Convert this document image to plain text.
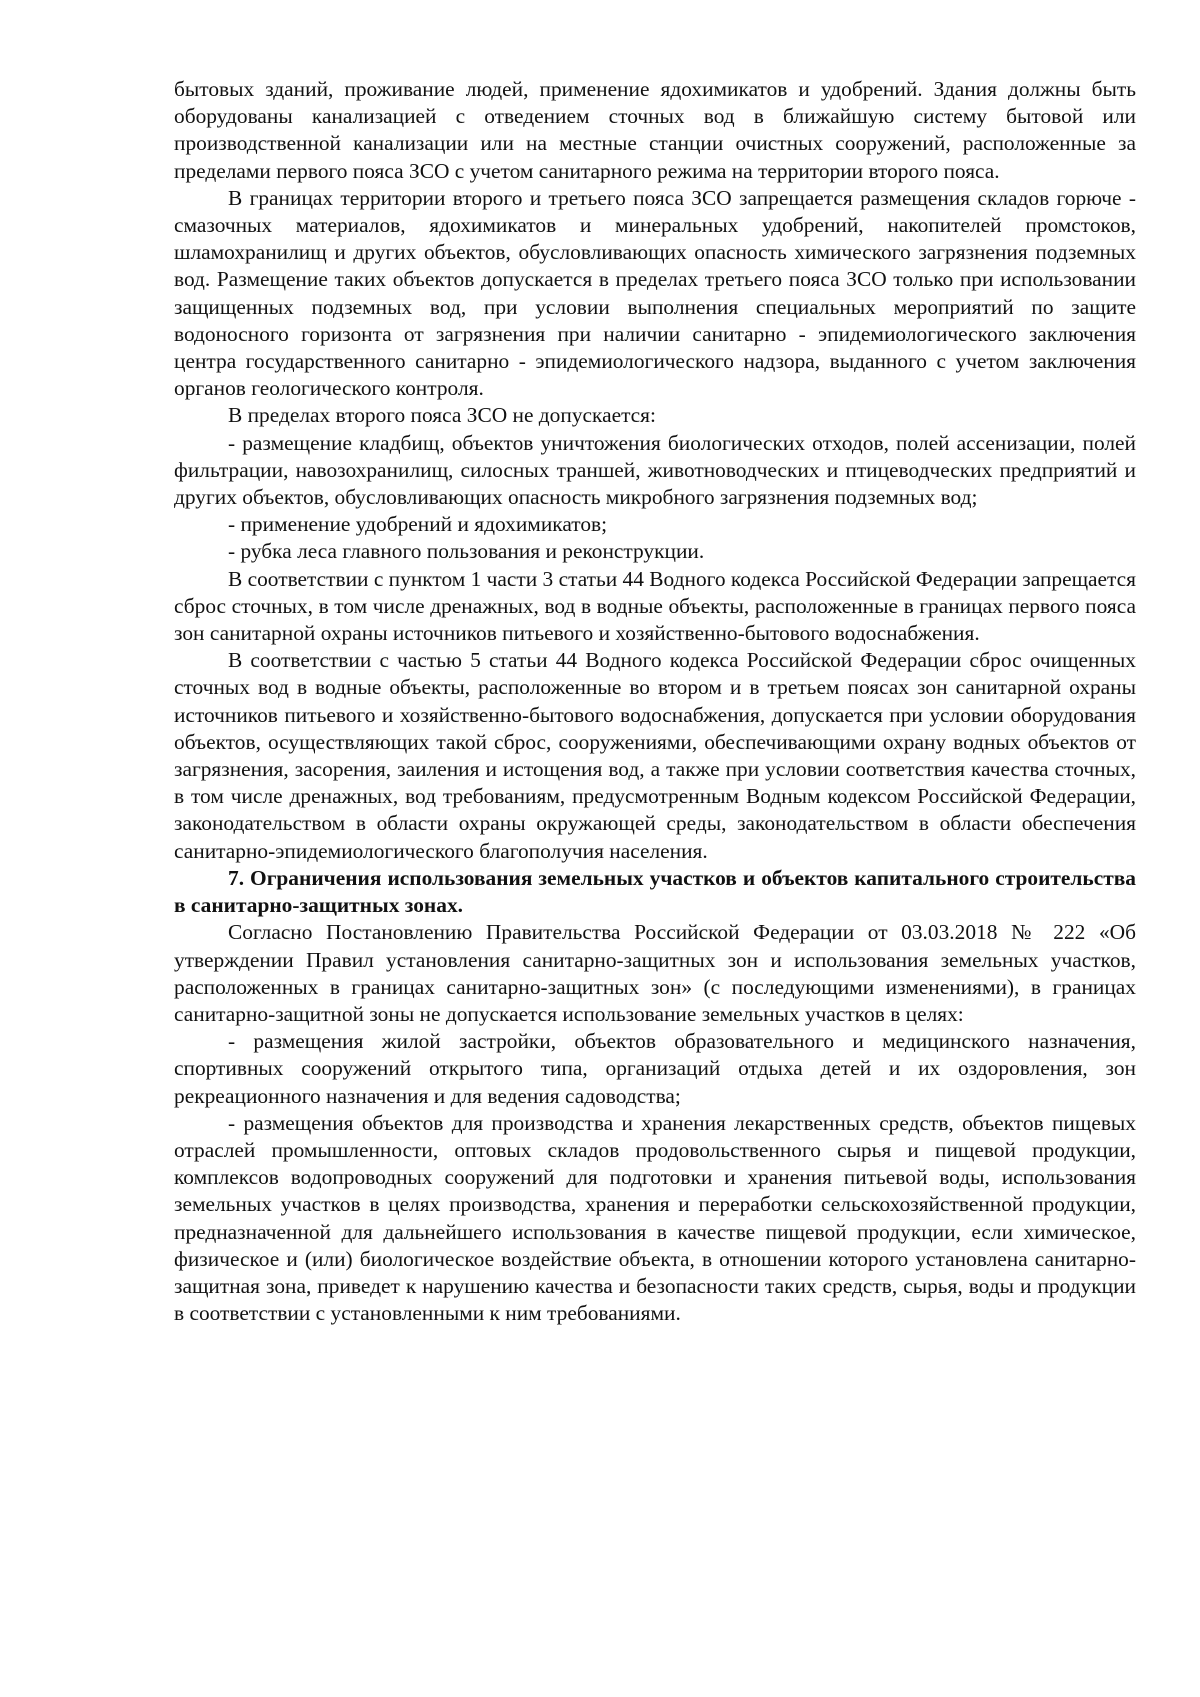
бытовых зданий, проживание людей, применение ядохимикатов и удобрений. Здания должны быть оборудованы канализацией с отведением сточных вод в ближайшую систему бытовой или производственной канализации или на местные станции очистных сооружений, расположенные за пределами первого пояса ЗСО с учетом санитарного режима на территории второго пояса.

В границах территории второго и третьего пояса ЗСО запрещается размещения складов горюче - смазочных материалов, ядохимикатов и минеральных удобрений, накопителей промстоков, шламохранилищ и других объектов, обусловливающих опасность химического загрязнения подземных вод. Размещение таких объектов допускается в пределах третьего пояса ЗСО только при использовании защищенных подземных вод, при условии выполнения специальных мероприятий по защите водоносного горизонта от загрязнения при наличии санитарно - эпидемиологического заключения центра государственного санитарно - эпидемиологического надзора, выданного с учетом заключения органов геологического контроля.

В пределах второго пояса ЗСО не допускается:

- размещение кладбищ, объектов уничтожения биологических отходов, полей ассенизации, полей фильтрации, навозохранилищ, силосных траншей, животноводческих и птицеводческих предприятий и других объектов, обусловливающих опасность микробного загрязнения подземных вод;

- применение удобрений и ядохимикатов;

- рубка леса главного пользования и реконструкции.

В соответствии с пунктом 1 части 3 статьи 44 Водного кодекса Российской Федерации запрещается сброс сточных, в том числе дренажных, вод в водные объекты, расположенные в границах первого пояса зон санитарной охраны источников питьевого и хозяйственно-бытового водоснабжения.

В соответствии с частью 5 статьи 44 Водного кодекса Российской Федерации сброс очищенных сточных вод в водные объекты, расположенные во втором и в третьем поясах зон санитарной охраны источников питьевого и хозяйственно-бытового водоснабжения, допускается при условии оборудования объектов, осуществляющих такой сброс, сооружениями, обеспечивающими охрану водных объектов от загрязнения, засорения, заиления и истощения вод, а также при условии соответствия качества сточных, в том числе дренажных, вод требованиям, предусмотренным Водным кодексом Российской Федерации, законодательством в области охраны окружающей среды, законодательством в области обеспечения санитарно-эпидемиологического благополучия населения.

7. Ограничения использования земельных участков и объектов капитального строительства в санитарно-защитных зонах.

Согласно Постановлению Правительства Российской Федерации от 03.03.2018 № 222 «Об утверждении Правил установления санитарно-защитных зон и использования земельных участков, расположенных в границах санитарно-защитных зон» (с последующими изменениями), в границах санитарно-защитной зоны не допускается использование земельных участков в целях:

- размещения жилой застройки, объектов образовательного и медицинского назначения, спортивных сооружений открытого типа, организаций отдыха детей и их оздоровления, зон рекреационного назначения и для ведения садоводства;

- размещения объектов для производства и хранения лекарственных средств, объектов пищевых отраслей промышленности, оптовых складов продовольственного сырья и пищевой продукции, комплексов водопроводных сооружений для подготовки и хранения питьевой воды, использования земельных участков в целях производства, хранения и переработки сельскохозяйственной продукции, предназначенной для дальнейшего использования в качестве пищевой продукции, если химическое, физическое и (или) биологическое воздействие объекта, в отношении которого установлена санитарно-защитная зона, приведет к нарушению качества и безопасности таких средств, сырья, воды и продукции в соответствии с установленными к ним требованиями.
